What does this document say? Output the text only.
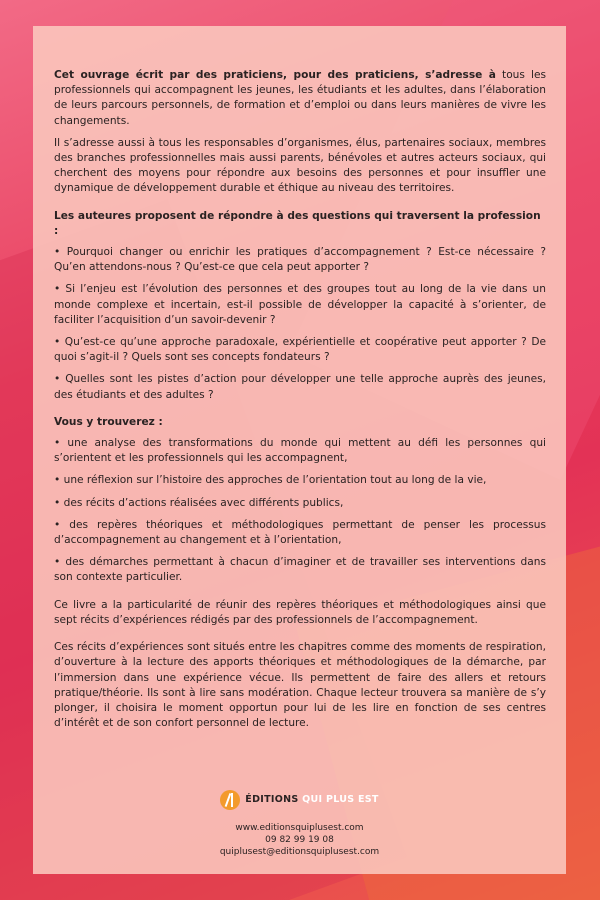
Cet ouvrage écrit par des praticiens, pour des praticiens, s’adresse à tous les professionnels qui accompagnent les jeunes, les étudiants et les adultes, dans l’élaboration de leurs parcours personnels, de formation et d’emploi ou dans leurs manières de vivre les changements.

Il s’adresse aussi à tous les responsables d’organismes, élus, partenaires sociaux, membres des branches professionnelles mais aussi parents, bénévoles et autres acteurs sociaux, qui cherchent des moyens pour répondre aux besoins des personnes et pour insuffler une dynamique de développement durable et éthique au niveau des territoires.

Les auteures proposent de répondre à des questions qui traversent la profession :

• Pourquoi changer ou enrichir les pratiques d’accompagnement ? Est-ce nécessaire ? Qu’en attendons-nous ? Qu’est-ce que cela peut apporter ?

• Si l’enjeu est l’évolution des personnes et des groupes tout au long de la vie dans un monde complexe et incertain, est-il possible de développer la capacité à s’orienter, de faciliter l’acquisition d’un savoir-devenir ?

• Qu’est-ce qu’une approche paradoxale, expérientielle et coopérative peut apporter ? De quoi s’agit-il ? Quels sont ses concepts fondateurs ?

• Quelles sont les pistes d’action pour développer une telle approche auprès des jeunes, des étudiants et des adultes ?

Vous y trouverez :

• une analyse des transformations du monde qui mettent au défi les personnes qui s’orientent et les professionnels qui les accompagnent,

• une réflexion sur l’histoire des approches de l’orientation tout au long de la vie,

• des récits d’actions réalisées avec différents publics,

• des repères théoriques et méthodologiques permettant de penser les processus d’accompagnement au changement et à l’orientation,

• des démarches permettant à chacun d’imaginer et de travailler ses interventions dans son contexte particulier.

Ce livre a la particularité de réunir des repères théoriques et méthodologiques ainsi que sept récits d’expériences rédigés par des professionnels de l’accompagnement.

Ces récits d’expériences sont situés entre les chapitres comme des moments de respiration, d’ouverture à la lecture des apports théoriques et méthodologiques de la démarche, par l’immersion dans une expérience vécue. Ils permettent de faire des allers et retours pratique/théorie. Ils sont à lire sans modération. Chaque lecteur trouvera sa manière de s’y plonger, il choisira le moment opportun pour lui de les lire en fonction de ses centres d’intérêt et de son confort personnel de lecture.

ÉDITIONS QUI PLUS EST
www.editionsquiplusest.com
09 82 99 19 08
quiplusest@editionsquiplusest.com
